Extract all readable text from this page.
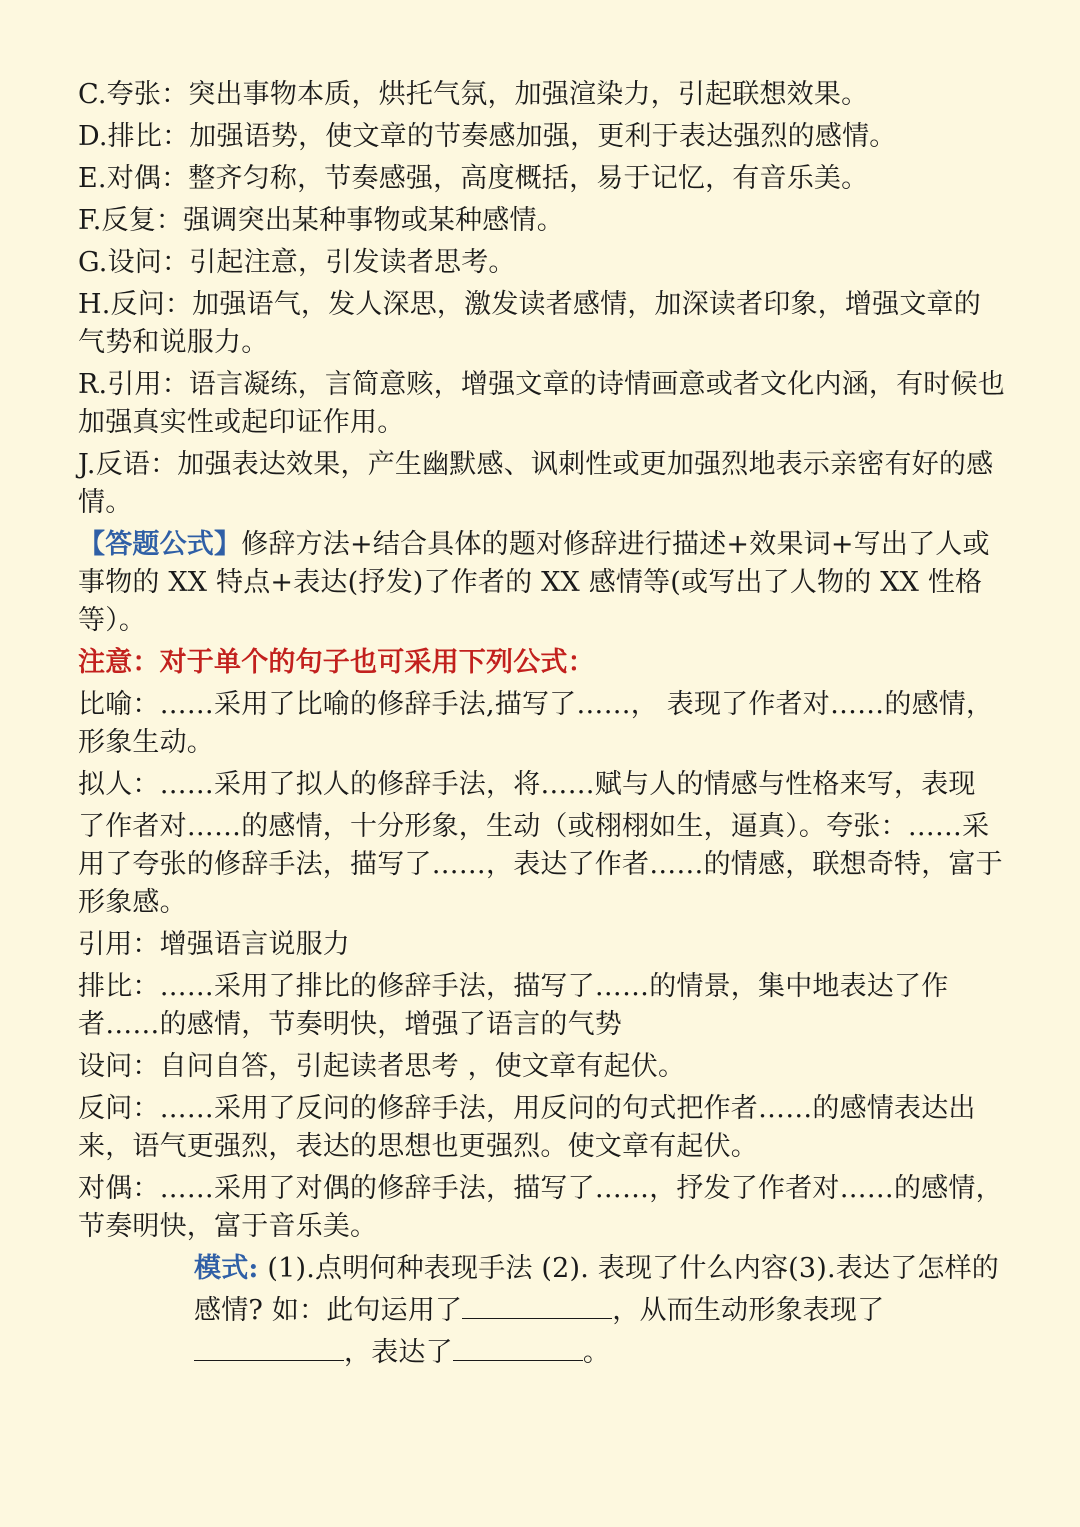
C.夸张：突出事物本质，烘托气氛，加强渲染力，引起联想效果。

D.排比：加强语势，使文章的节奏感加强，更利于表达强烈的感情。

E.对偶：整齐匀称，节奏感强，高度概括，易于记忆，有音乐美。

F.反复：强调突出某种事物或某种感情。

G.设问：引起注意，引发读者思考。

H.反问：加强语气，发人深思，激发读者感情，加深读者印象，增强文章的气势和说服力。

R.引用：语言凝练，言简意赅，增强文章的诗情画意或者文化内涵，有时候也加强真实性或起印证作用。

J.反语：加强表达效果，产生幽默感、讽刺性或更加强烈地表示亲密有好的感情。

【答题公式】修辞方法+结合具体的题对修辞进行描述+效果词+写出了人或事物的 XX 特点+表达(抒发)了作者的 XX 感情等(或写出了人物的 XX 性格等）。

注意：对于单个的句子也可采用下列公式：

比喻：……采用了比喻的修辞手法,描写了……， 表现了作者对……的感情，形象生动。

拟人：……采用了拟人的修辞手法，将……赋与人的情感与性格来写，表现

了作者对……的感情，十分形象，生动（或栩栩如生，逼真）。夸张：……采用了夸张的修辞手法，描写了……，表达了作者……的情感，联想奇特，富于形象感。

引用：增强语言说服力

排比：……采用了排比的修辞手法，描写了……的情景，集中地表达了作者……的感情，节奏明快，增强了语言的气势

设问：自问自答，引起读者思考 ，使文章有起伏。

反问：……采用了反问的修辞手法，用反问的句式把作者……的感情表达出来，语气更强烈，表达的思想也更强烈。使文章有起伏。

对偶：……采用了对偶的修辞手法，描写了……，抒发了作者对……的感情，节奏明快，富于音乐美。

模式: (1).点明何种表现手法 (2). 表现了什么内容(3).表达了怎样的感情? 如：此句运用了	，从而生动形象表现了，表达了	。
